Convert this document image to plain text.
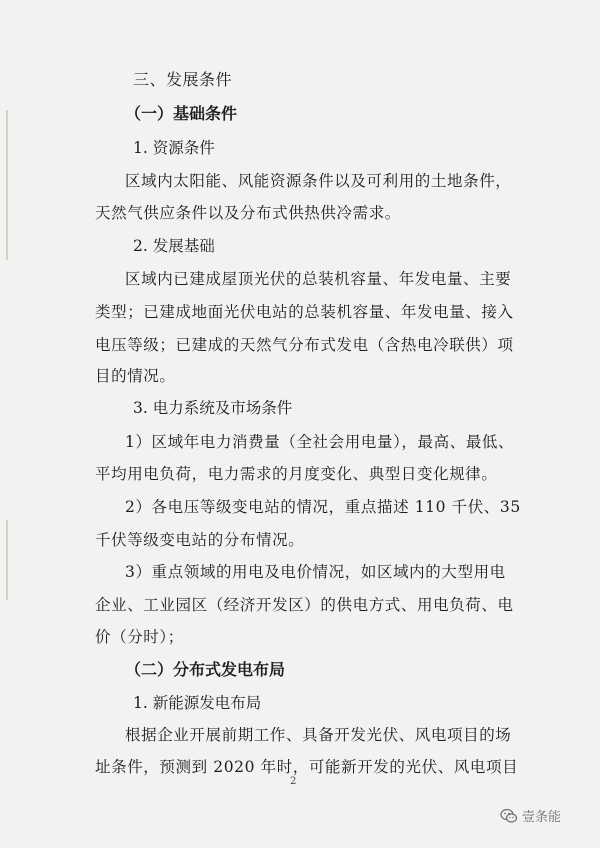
三、发展条件
（一）基础条件
1. 资源条件
区域内太阳能、风能资源条件以及可利用的土地条件，
天然气供应条件以及分布式供热供冷需求。
2. 发展基础
区域内已建成屋顶光伏的总装机容量、年发电量、主要
类型；已建成地面光伏电站的总装机容量、年发电量、接入
电压等级；已建成的天然气分布式发电（含热电冷联供）项
目的情况。
3. 电力系统及市场条件
1）区域年电力消费量（全社会用电量），最高、最低、
平均用电负荷，电力需求的月度变化、典型日变化规律。
2）各电压等级变电站的情况，重点描述 110 千伏、35
千伏等级变电站的分布情况。
3）重点领域的用电及电价情况，如区域内的大型用电
企业、工业园区（经济开发区）的供电方式、用电负荷、电
价（分时）；
（二）分布式发电布局
1. 新能源发电布局
根据企业开展前期工作、具备开发光伏、风电项目的场
址条件，预测到 2020 年时，可能新开发的光伏、风电项目
2
壹条能
